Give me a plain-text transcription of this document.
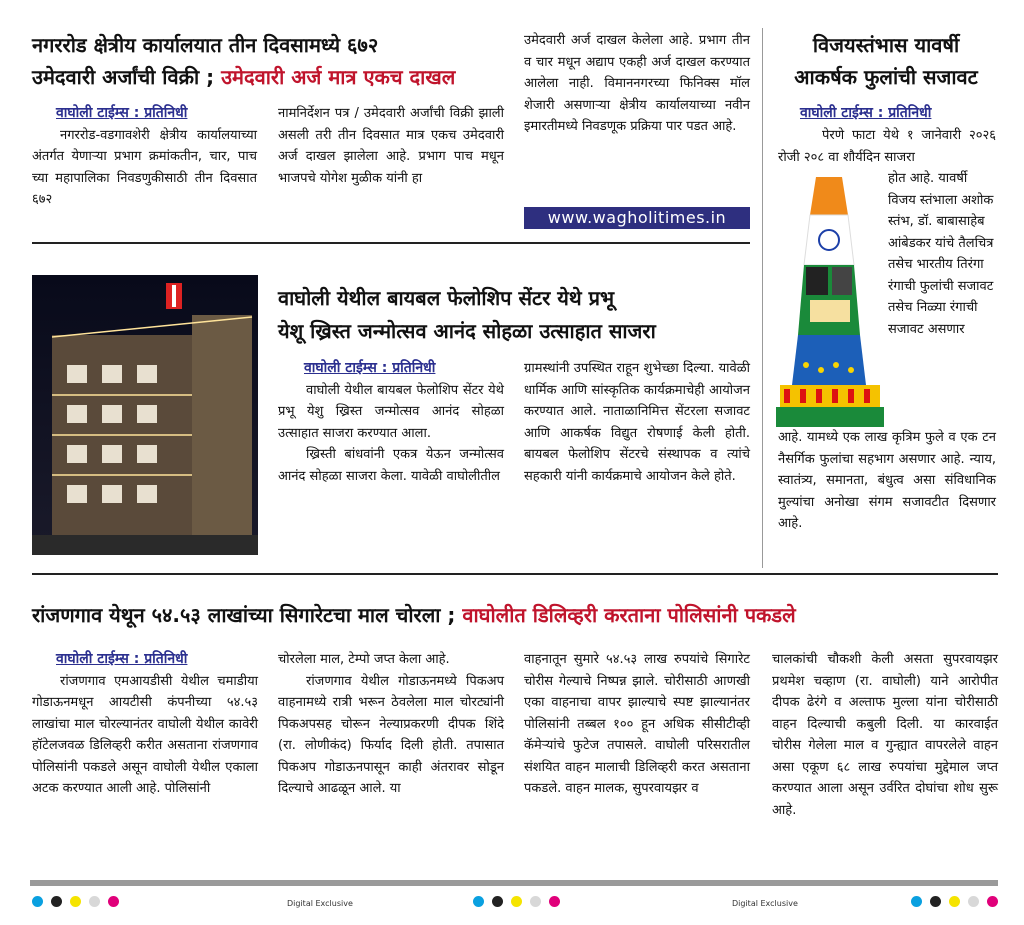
नगररोड क्षेत्रीय कार्यालयात तीन दिवसामध्ये ६७२
उमेदवारी अर्जांची विक्री ; उमेदवारी अर्ज मात्र एकच दाखल
वाघोली टाईम्स : प्रतिनिधी

नगररोड-वडगावशेरी क्षेत्रीय कार्यालयाच्या अंतर्गत येणाऱ्या प्रभाग क्रमांकतीन, चार, पाच च्या महापालिका निवडणुकीसाठी तीन दिवसात ६७२

नामनिर्देशन पत्र / उमेदवारी अर्जांची विक्री झाली असली तरी तीन दिवसात मात्र एकच उमेदवारी अर्ज दाखल झालेला आहे. प्रभाग पाच मधून भाजपचे योगेश मुळीक यांनी हा

उमेदवारी अर्ज दाखल केलेला आहे. प्रभाग तीन व चार मधून अद्याप एकही अर्ज दाखल करण्यात आलेला नाही. विमाननगरच्या फिनिक्स मॉल शेजारी असणाऱ्या क्षेत्रीय कार्यालयाच्या नवीन इमारतीमध्ये निवडणूक प्रक्रिया पार पडत आहे.

www.wagholitimes.in
वाघोली येथील बायबल फेलोशिप सेंटर येथे प्रभू
येशू ख्रिस्त जन्मोत्सव आनंद सोहळा उत्साहात साजरा
वाघोली टाईम्स : प्रतिनिधी

वाघोली येथील बायबल फेलोशिप सेंटर येथे प्रभू येशु ख्रिस्त जन्मोत्सव आनंद सोहळा उत्साहात साजरा करण्यात आला.

ख्रिस्ती बांधवांनी एकत्र येऊन जन्मोत्सव आनंद सोहळा साजरा केला. यावेळी वाघोलीतील

ग्रामस्थांनी उपस्थित राहून शुभेच्छा दिल्या. यावेळी धार्मिक आणि सांस्कृतिक कार्यक्रमाचेही आयोजन करण्यात आले. नाताळानिमित्त सेंटरला सजावट आणि आकर्षक विद्युत रोषणाई केली होती. बायबल फेलोशिप सेंटरचे संस्थापक व त्यांचे सहकारी यांनी कार्यक्रमाचे आयोजन केले होते.

विजयस्तंभास यावर्षी
आकर्षक फुलांची सजावट
वाघोली टाईम्स : प्रतिनिधी

पेरणे फाटा येथे १ जानेवारी २०२६ रोजी २०८ वा शौर्यदिन साजरा

होत आहे. यावर्षी विजय स्तंभाला अशोक स्तंभ, डॉ. बाबासाहेब आंबेडकर यांचे तैलचित्र तसेच भारतीय तिरंगा रंगाची फुलांची सजावट तसेच निळ्या रंगाची सजावट असणार

आहे. यामध्ये एक लाख कृत्रिम फुले व एक टन नैसर्गिक फुलांचा सहभाग असणार आहे. न्याय, स्वातंत्र्य, समानता, बंधुत्व असा संविधानिक मुल्यांचा अनोखा संगम सजावटीत दिसणार आहे.

रांजणगाव येथून ५४.५३ लाखांच्या सिगारेटचा माल चोरला ; वाघोलीत डिलिव्हरी करताना पोलिसांनी पकडले
वाघोली टाईम्स : प्रतिनिधी

रांजणगाव एमआयडीसी येथील चमाडीया गोडाऊनमधून आयटीसी कंपनीच्या ५४.५३ लाखांचा माल चोरल्यानंतर वाघोली येथील कावेरी हॉटेलजवळ डिलिव्हरी करीत असताना रांजणगाव पोलिसांनी पकडले असून वाघोली येथील एकाला अटक करण्यात आली आहे. पोलिसांनी

चोरलेला माल, टेम्पो जप्त केला आहे.

रांजणगाव येथील गोडाऊनमध्ये पिकअप वाहनामध्ये रात्री भरून ठेवलेला माल चोरट्यांनी पिकअपसह चोरून नेल्याप्रकरणी दीपक शिंदे (रा. लोणीकंद) फिर्याद दिली होती. तपासात पिकअप गोडाऊनपासून काही अंतरावर सोडून दिल्याचे आढळून आले. या

वाहनातून सुमारे ५४.५३ लाख रुपयांचे सिगारेट चोरीस गेल्याचे निष्पन्न झाले. चोरीसाठी आणखी एका वाहनाचा वापर झाल्याचे स्पष्ट झाल्यानंतर पोलिसांनी तब्बल १०० हून अधिक सीसीटीव्ही कॅमेऱ्यांचे फुटेज तपासले. वाघोली परिसरातील संशयित वाहन मालाची डिलिव्हरी करत असताना पकडले. वाहन मालक, सुपरवायझर व

चालकांची चौकशी केली असता सुपरवायझर प्रथमेश चव्हाण (रा. वाघोली) याने आरोपीत दीपक ढेरंगे व अल्ताफ मुल्ला यांना चोरीसाठी वाहन दिल्याची कबुली दिली. या कारवाईत चोरीस गेलेला माल व गुन्ह्यात वापरलेले वाहन असा एकूण ६८ लाख रुपयांचा मुद्देमाल जप्त करण्यात आला असून उर्वरित दोघांचा शोध सुरू आहे.

Digital Exclusive	Digital Exclusive
